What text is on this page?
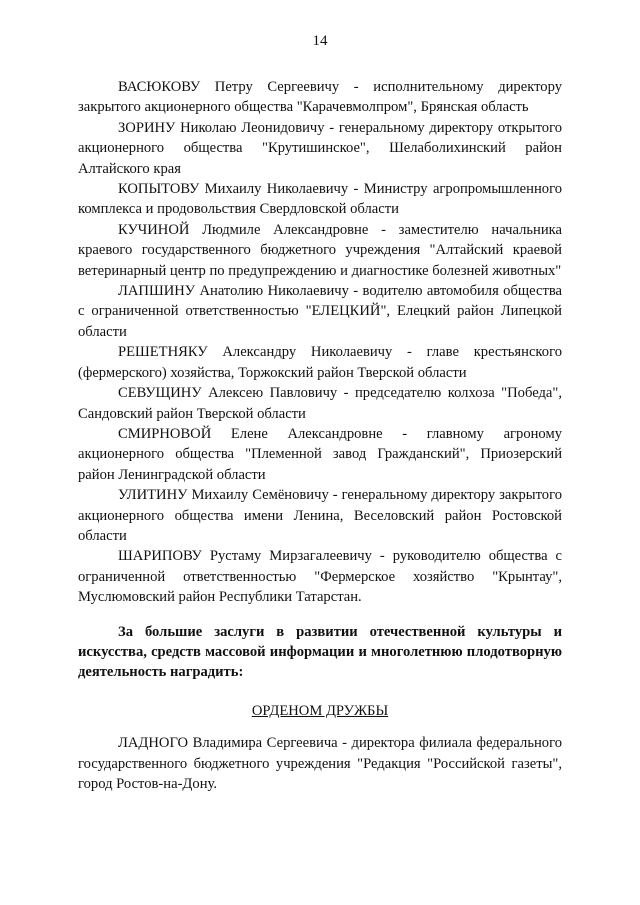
14

ВАСЮКОВУ Петру Сергеевичу - исполнительному директору закрытого акционерного общества "Карачевмолпром", Брянская область

ЗОРИНУ Николаю Леонидовичу - генеральному директору открытого акционерного общества "Крутишинское", Шелаболихинский район Алтайского края

КОПЫТОВУ Михаилу Николаевичу - Министру агропромышленного комплекса и продовольствия Свердловской области

КУЧИНОЙ Людмиле Александровне - заместителю начальника краевого государственного бюджетного учреждения "Алтайский краевой ветеринарный центр по предупреждению и диагностике болезней животных"

ЛАПШИНУ Анатолию Николаевичу - водителю автомобиля общества с ограниченной ответственностью "ЕЛЕЦКИЙ", Елецкий район Липецкой области

РЕШЕТНЯКУ Александру Николаевичу - главе крестьянского (фермерского) хозяйства, Торжокский район Тверской области

СЕВУЩИНУ Алексею Павловичу - председателю колхоза "Победа", Сандовский район Тверской области

СМИРНОВОЙ Елене Александровне - главному агроному акционерного общества "Племенной завод Гражданский", Приозерский район Ленинградской области

УЛИТИНУ Михаилу Семёновичу - генеральному директору закрытого акционерного общества имени Ленина, Веселовский район Ростовской области

ШАРИПОВУ Рустаму Мирзагалеевичу - руководителю общества с ограниченной ответственностью "Фермерское хозяйство "Крынтау", Муслюмовский район Республики Татарстан.

За большие заслуги в развитии отечественной культуры и искусства, средств массовой информации и многолетнюю плодотворную деятельность наградить:

ОРДЕНОМ ДРУЖБЫ

ЛАДНОГО Владимира Сергеевича - директора филиала федерального государственного бюджетного учреждения "Редакция "Российской газеты", город Ростов-на-Дону.
